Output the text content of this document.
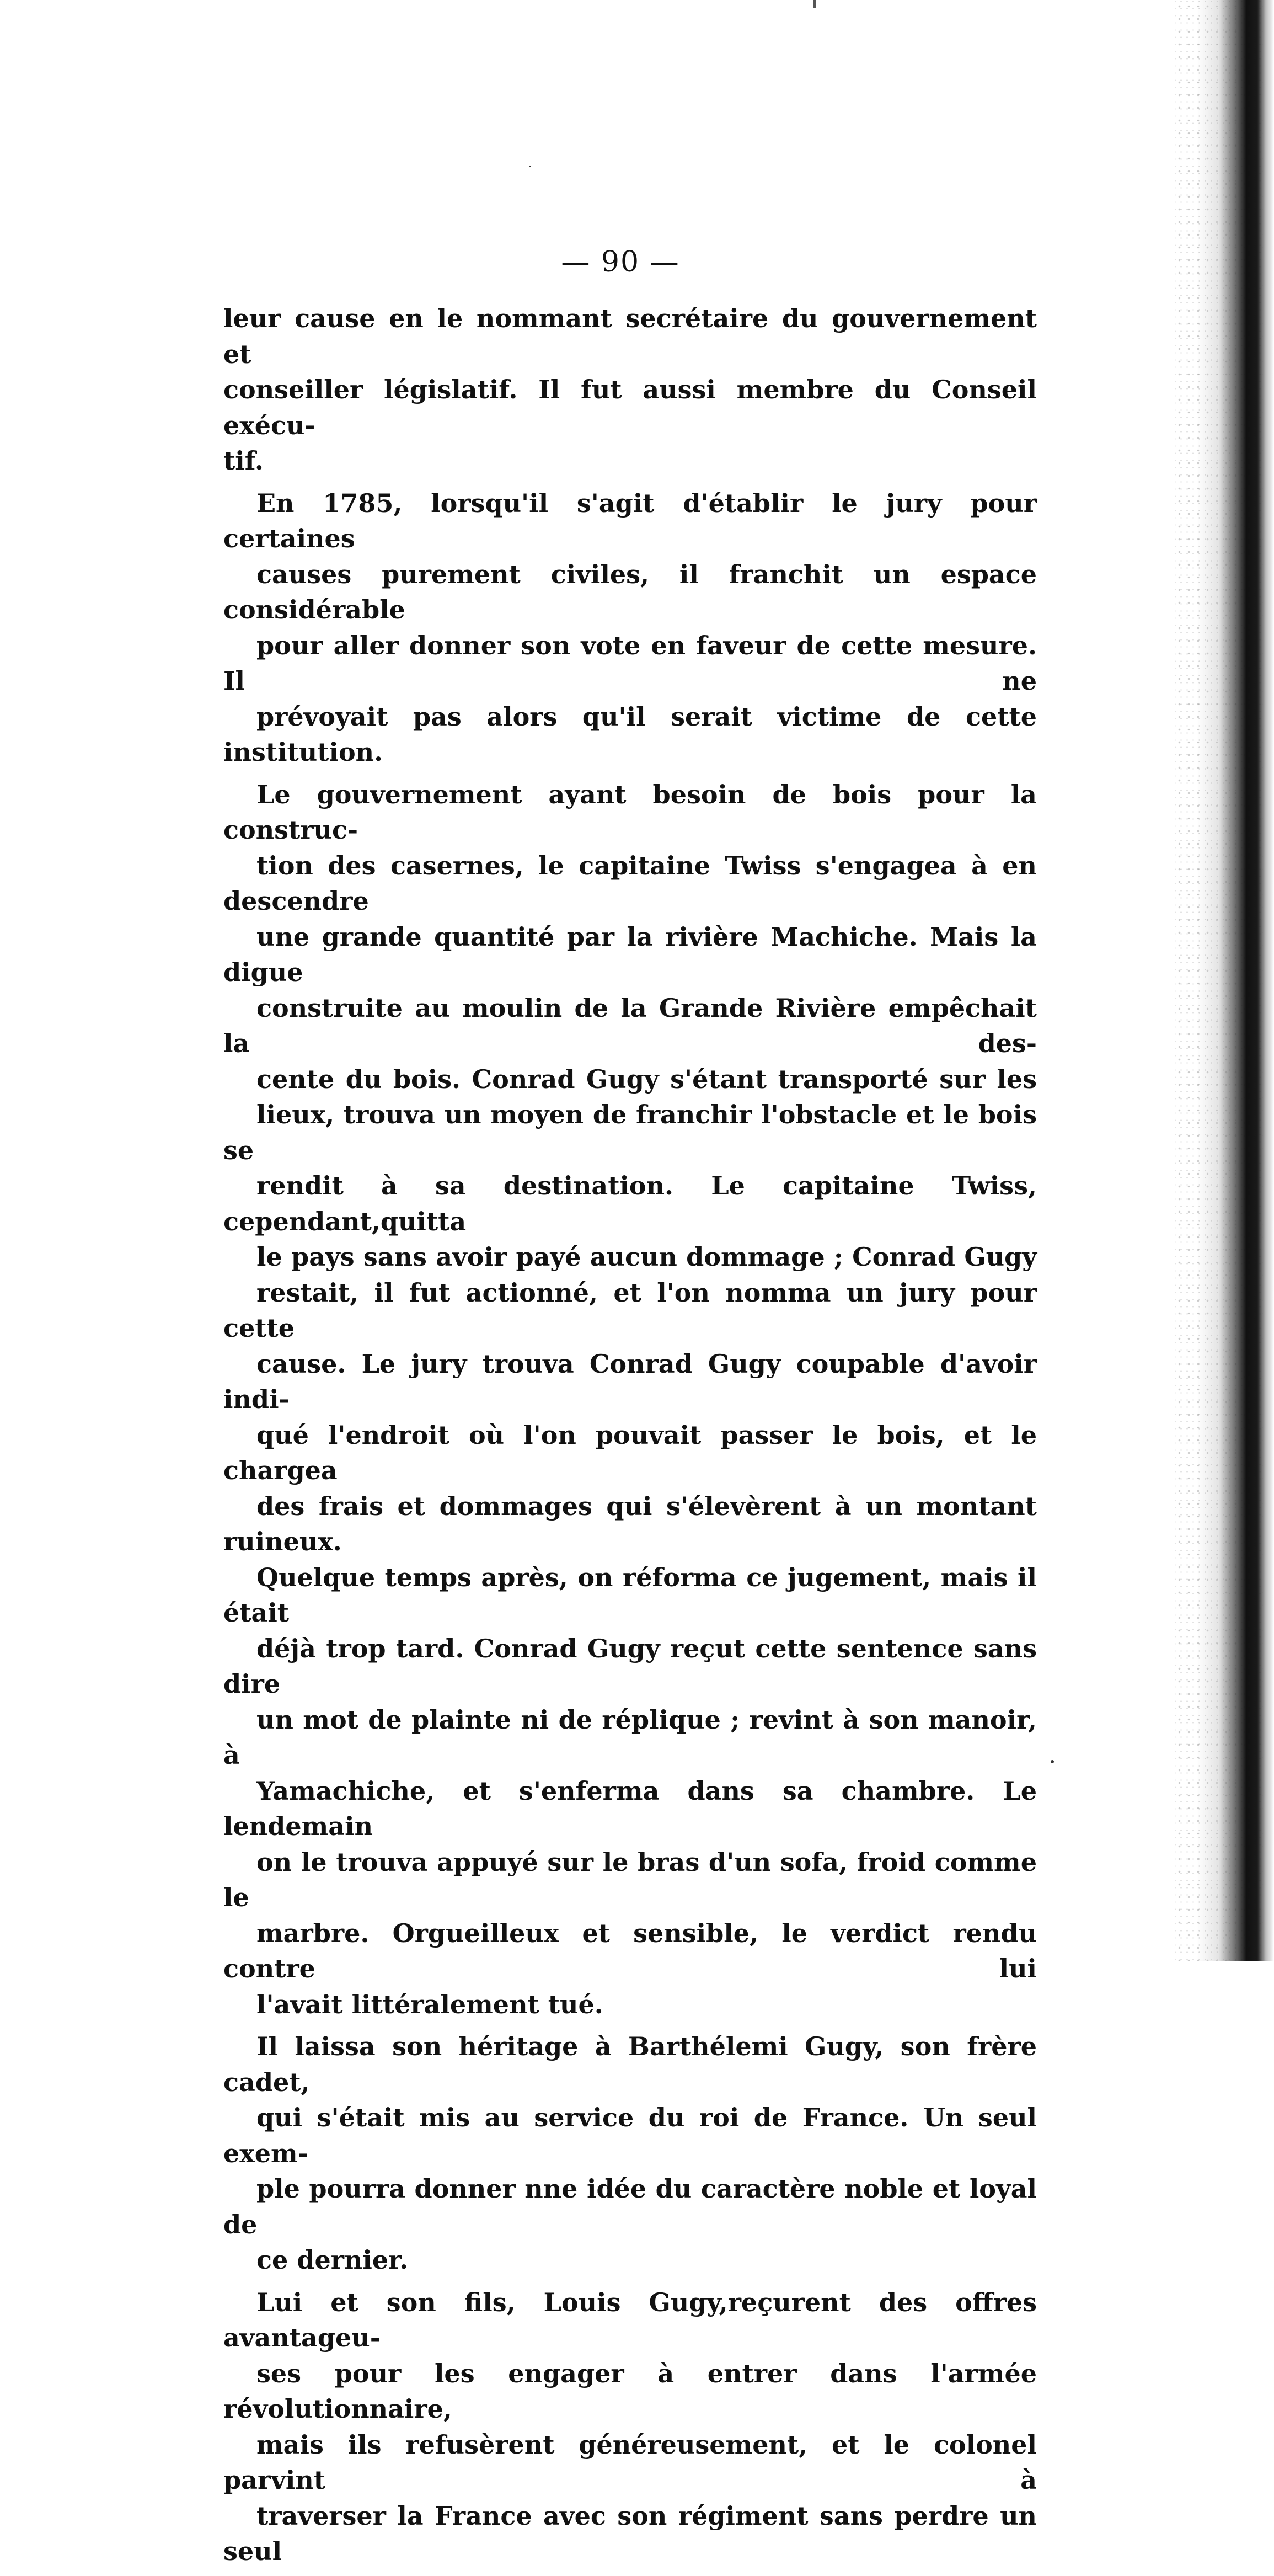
— 90 —
leur cause en le nommant secrétaire du gouvernement et
conseiller législatif. Il fut aussi membre du Conseil exécu-
tif.
En 1785, lorsqu'il s'agit d'établir le jury pour certaines
causes purement civiles, il franchit un espace considérable
pour aller donner son vote en faveur de cette mesure. Il ne
prévoyait pas alors qu'il serait victime de cette institution.
Le gouvernement ayant besoin de bois pour la construc-
tion des casernes, le capitaine Twiss s'engagea à en descendre
une grande quantité par la rivière Machiche. Mais la digue
construite au moulin de la Grande Rivière empêchait la des-
cente du bois. Conrad Gugy s'étant transporté sur les
lieux, trouva un moyen de franchir l'obstacle et le bois se
rendit à sa destination. Le capitaine Twiss, cependant,quitta
le pays sans avoir payé aucun dommage ; Conrad Gugy
restait, il fut actionné, et l'on nomma un jury pour cette
cause. Le jury trouva Conrad Gugy coupable d'avoir indi-
qué l'endroit où l'on pouvait passer le bois, et le chargea
des frais et dommages qui s'élevèrent à un montant ruineux.
Quelque temps après, on réforma ce jugement, mais il était
déjà trop tard. Conrad Gugy reçut cette sentence sans dire
un mot de plainte ni de réplique ; revint à son manoir, à
Yamachiche, et s'enferma dans sa chambre. Le lendemain
on le trouva appuyé sur le bras d'un sofa, froid comme le
marbre. Orgueilleux et sensible, le verdict rendu contre lui
l'avait littéralement tué.
Il laissa son héritage à Barthélemi Gugy, son frère cadet,
qui s'était mis au service du roi de France. Un seul exem-
ple pourra donner nne idée du caractère noble et loyal de
ce dernier.
Lui et son fils, Louis Gugy,reçurent des offres avantageu-
ses pour les engager à entrer dans l'armée révolutionnaire,
mais ils refusèrent généreusement, et le colonel parvint à
traverser la France avec son régiment sans perdre un seul
